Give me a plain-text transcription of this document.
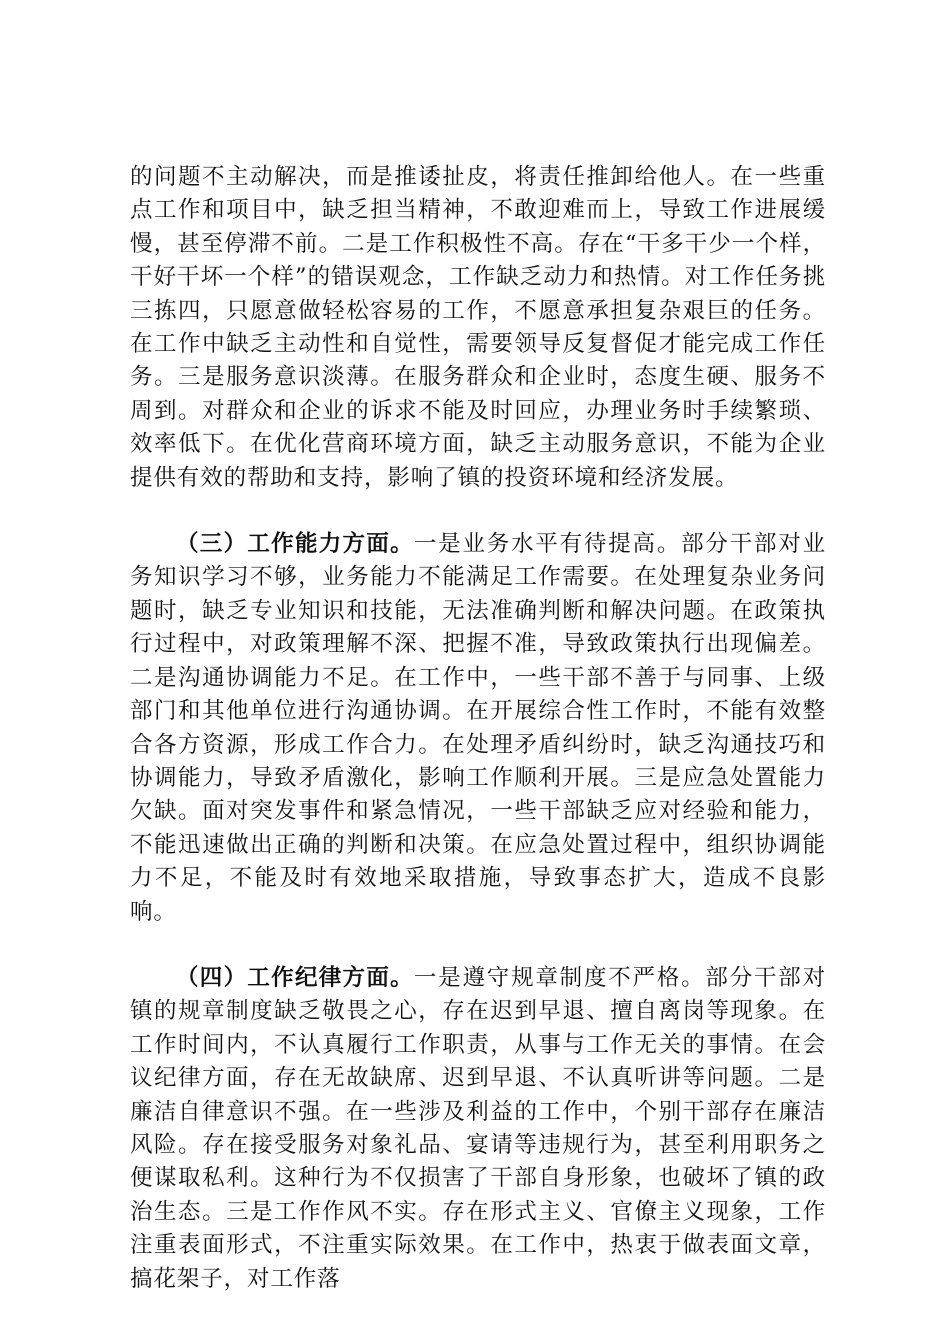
的问题不主动解决，而是推诿扯皮，将责任推卸给他人。在一些重点工作和项目中，缺乏担当精神，不敢迎难而上，导致工作进展缓慢，甚至停滞不前。二是工作积极性不高。存在“干多干少一个样，干好干坏一个样”的错误观念，工作缺乏动力和热情。对工作任务挑三拣四，只愿意做轻松容易的工作，不愿意承担复杂艰巨的任务。在工作中缺乏主动性和自觉性，需要领导反复督促才能完成工作任务。三是服务意识淡薄。在服务群众和企业时，态度生硬、服务不周到。对群众和企业的诉求不能及时回应，办理业务时手续繁琐、效率低下。在优化营商环境方面，缺乏主动服务意识，不能为企业提供有效的帮助和支持，影响了镇的投资环境和经济发展。

（三）工作能力方面。一是业务水平有待提高。部分干部对业务知识学习不够，业务能力不能满足工作需要。在处理复杂业务问题时，缺乏专业知识和技能，无法准确判断和解决问题。在政策执行过程中，对政策理解不深、把握不准，导致政策执行出现偏差。二是沟通协调能力不足。在工作中，一些干部不善于与同事、上级部门和其他单位进行沟通协调。在开展综合性工作时，不能有效整合各方资源，形成工作合力。在处理矛盾纠纷时，缺乏沟通技巧和协调能力，导致矛盾激化，影响工作顺利开展。三是应急处置能力欠缺。面对突发事件和紧急情况，一些干部缺乏应对经验和能力，不能迅速做出正确的判断和决策。在应急处置过程中，组织协调能力不足，不能及时有效地采取措施，导致事态扩大，造成不良影响。

（四）工作纪律方面。一是遵守规章制度不严格。部分干部对镇的规章制度缺乏敬畏之心，存在迟到早退、擅自离岗等现象。在工作时间内，不认真履行工作职责，从事与工作无关的事情。在会议纪律方面，存在无故缺席、迟到早退、不认真听讲等问题。二是廉洁自律意识不强。在一些涉及利益的工作中，个别干部存在廉洁风险。存在接受服务对象礼品、宴请等违规行为，甚至利用职务之便谋取私利。这种行为不仅损害了干部自身形象，也破坏了镇的政治生态。三是工作作风不实。存在形式主义、官僚主义现象，工作注重表面形式，不注重实际效果。在工作中，热衷于做表面文章，搞花架子，对工作落
